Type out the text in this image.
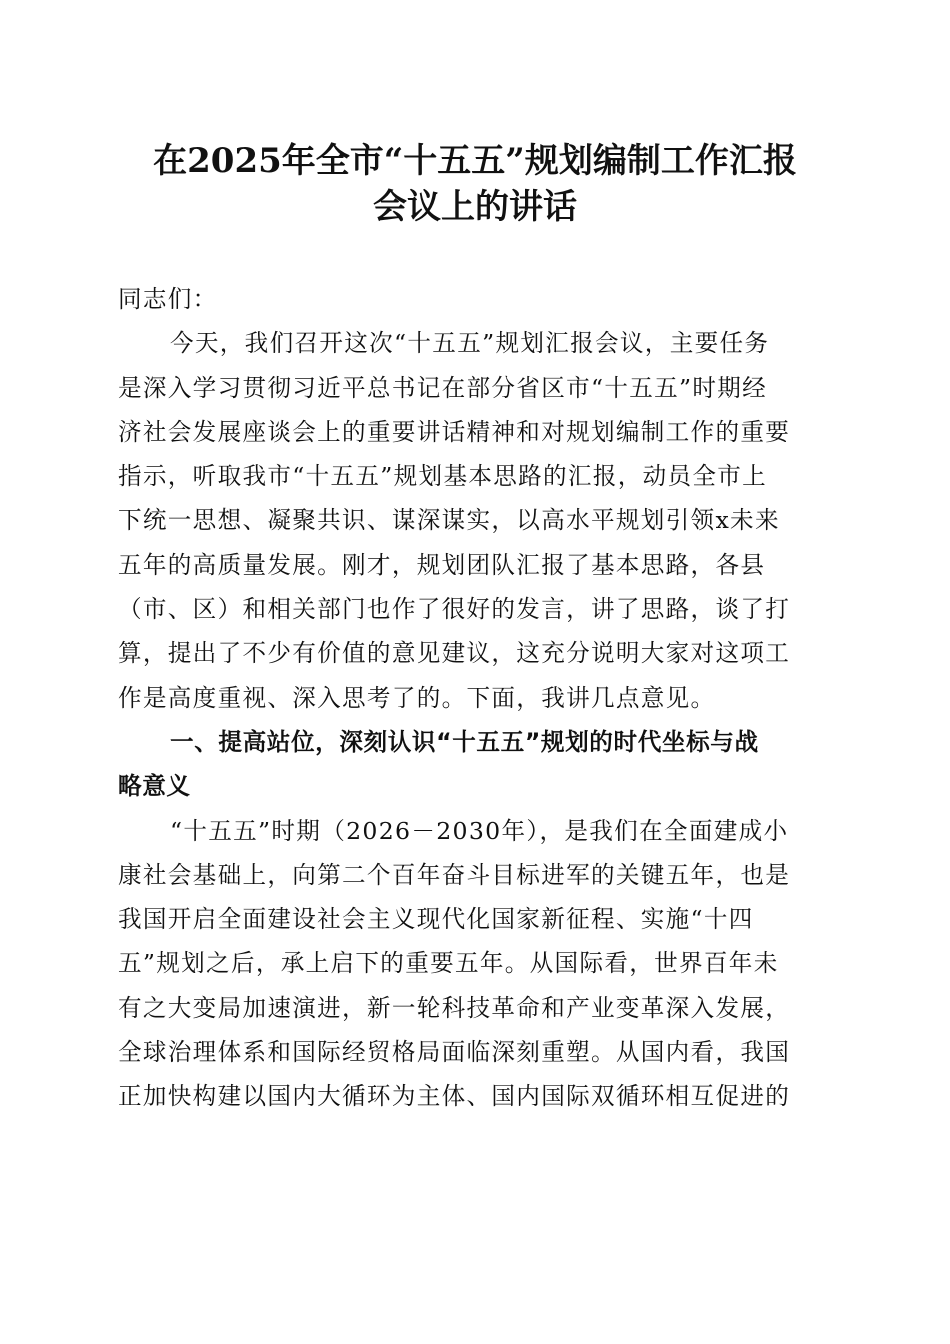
在2025年全市“十五五”规划编制工作汇报
会议上的讲话
同志们：
今天，我们召开这次“十五五”规划汇报会议，主要任务
是深入学习贯彻习近平总书记在部分省区市“十五五”时期经
济社会发展座谈会上的重要讲话精神和对规划编制工作的重要
指示，听取我市“十五五”规划基本思路的汇报，动员全市上
下统一思想、凝聚共识、谋深谋实，以高水平规划引领x未来
五年的高质量发展。刚才，规划团队汇报了基本思路，各县
（市、区）和相关部门也作了很好的发言，讲了思路，谈了打
算，提出了不少有价值的意见建议，这充分说明大家对这项工
作是高度重视、深入思考了的。下面，我讲几点意见。
一、提高站位，深刻认识“十五五”规划的时代坐标与战
略意义
“十五五”时期（2026－2030年），是我们在全面建成小
康社会基础上，向第二个百年奋斗目标进军的关键五年，也是
我国开启全面建设社会主义现代化国家新征程、实施“十四
五”规划之后，承上启下的重要五年。从国际看，世界百年未
有之大变局加速演进，新一轮科技革命和产业变革深入发展，
全球治理体系和国际经贸格局面临深刻重塑。从国内看，我国
正加快构建以国内大循环为主体、国内国际双循环相互促进的
